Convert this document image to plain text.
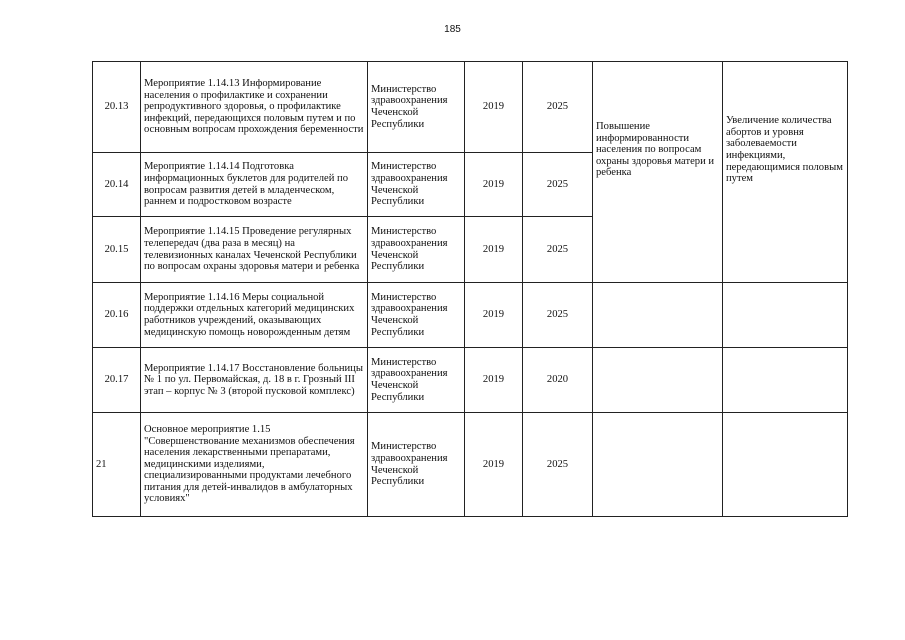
185
20.13	Мероприятие 1.14.13 Информирование населения о профилактике и сохранении репродуктивного здоровья, о профилактике инфекций, передающихся половым путем и по основным вопросам прохождения беременности	Министерство здравоохранения Чеченской Республики	2019	2025	Повышение информированности населения по вопросам охраны здоровья матери и ребенка	Увеличение количества абортов и уровня заболеваемости инфекциями, передающимися половым путем

20.14	Мероприятие 1.14.14 Подготовка информационных буклетов для родителей по вопросам развития детей в младенческом, раннем и подростковом возрасте	Министерство здравоохранения Чеченской Республики	2019	2025		
20.15	Мероприятие 1.14.15 Проведение регулярных телепередач (два раза в месяц) на телевизионных каналах Чеченской Республики по вопросам охраны здоровья матери и ребенка	Министерство здравоохранения Чеченской Республики	2019	2025		
20.16	Мероприятие 1.14.16 Меры социальной поддержки отдельных категорий медицинских работников учреждений, оказывающих медицинскую помощь новорожденным детям	Министерство здравоохранения Чеченской Республики	2019	2025		
20.17	Мероприятие 1.14.17 Восстановление больницы № 1 по ул. Первомайская, д. 18 в г. Грозный III этап – корпус № 3 (второй пусковой комплекс)	Министерство здравоохранения Чеченской Республики	2019	2020		
21	Основное мероприятие 1.15 "Совершенствование механизмов обеспечения населения лекарственными препаратами, медицинскими изделиями, специализированными продуктами лечебного питания для детей-инвалидов в амбулаторных условиях"	Министерство здравоохранения Чеченской Республики	2019	2025		
